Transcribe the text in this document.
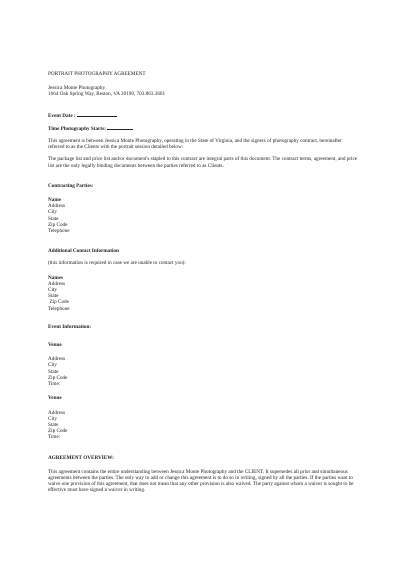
PORTRAIT PHOTOGRAPHY AGREEMENT

Jessica Monte Photography

1664 Oak Spring Way, Reston, VA 20190, 703.863.3601

Event Date :

Time Photography Starts:

This agreement is between Jessica Monte Photography, operating in the State of Virginia, and the signers of photography contract, hereinafter referred to as the Clients with the portrait session detailed below:

The package list and price list and/or document's stapled to this contract are integral parts of this document. The contract terms, agreement, and price list are the only legally binding documents between the parties referred to as Clients.

Contracting Parties:

Name

Address

City

State

Zip Code

Telephone

Additional Contact Information

(this information is required in case we are unable to contact you):

Names

Address

City

State

Zip Code

Telephone

Event Information:

Venue

Address

City

State

Zip Code

Time:

Venue

Address

City

State

Zip Code

Time:

AGREEMENT OVERVIEW:

This agreement contains the entire understanding between Jessica Monte Photography and the CLIENT. It supersedes all prior and simultaneous agreements between the parties. The only way to add or change this agreement is to do so in writing, signed by all the parties. If the parties want to waive one provision of this agreement, that does not mean that any other provision is also waived. The party against whom a waiver is sought to be effective must have signed a waiver in writing.
